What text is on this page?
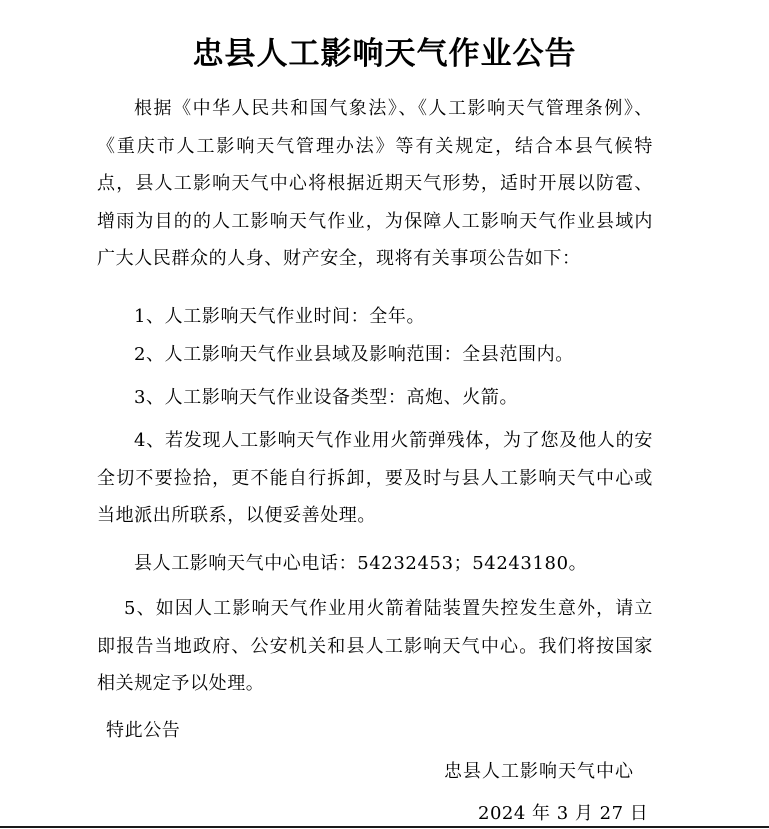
忠县人工影响天气作业公告
根据《中华人民共和国气象法》、《人工影响天气管理条例》、《重庆市人工影响天气管理办法》等有关规定，结合本县气候特点，县人工影响天气中心将根据近期天气形势，适时开展以防雹、增雨为目的的人工影响天气作业，为保障人工影响天气作业县域内广大人民群众的人身、财产安全，现将有关事项公告如下：
1、人工影响天气作业时间：全年。
2、人工影响天气作业县域及影响范围：全县范围内。
3、人工影响天气作业设备类型：高炮、火箭。
4、若发现人工影响天气作业用火箭弹残体，为了您及他人的安全切不要捡拾，更不能自行拆卸，要及时与县人工影响天气中心或当地派出所联系，以便妥善处理。
县人工影响天气中心电话：54232453；54243180。
5、如因人工影响天气作业用火箭着陆装置失控发生意外，请立即报告当地政府、公安机关和县人工影响天气中心。我们将按国家相关规定予以处理。
特此公告
忠县人工影响天气中心
2024 年 3 月 27 日
